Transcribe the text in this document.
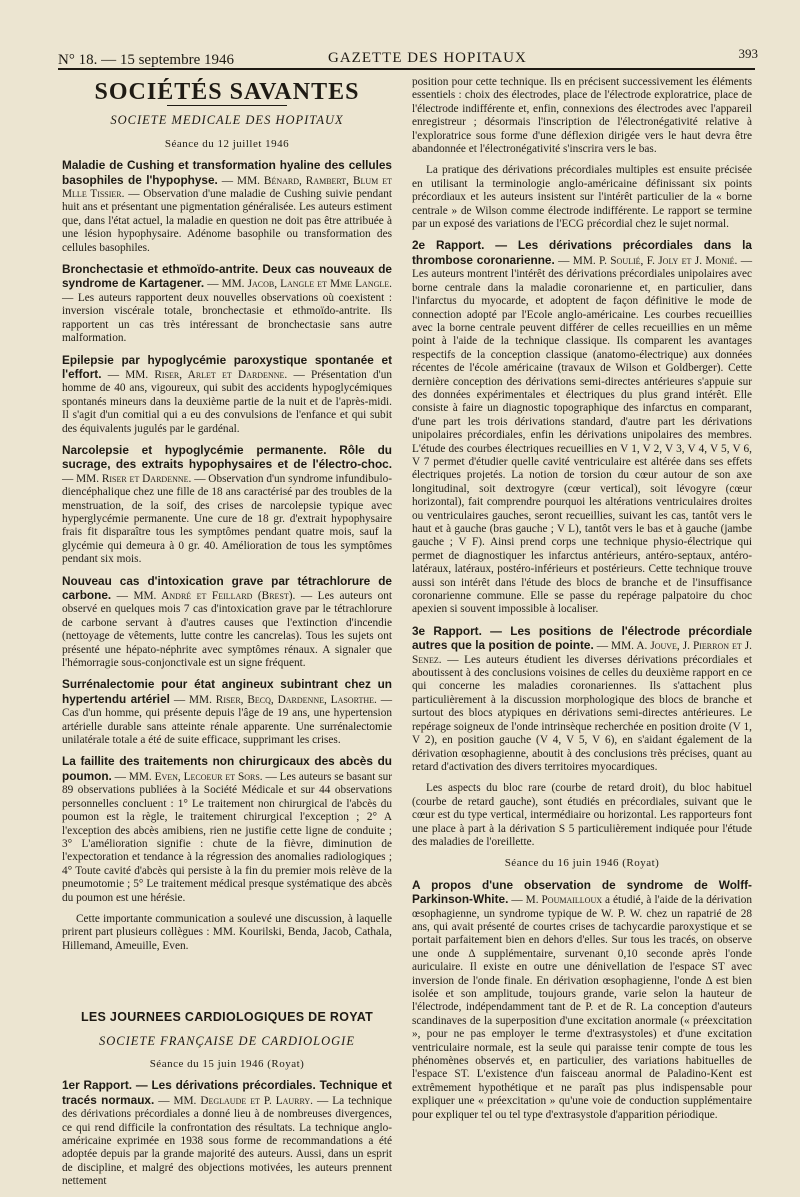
N° 18. — 15 septembre 1946	GAZETTE DES HOPITAUX	393
SOCIÉTÉS SAVANTES
SOCIETE MEDICALE DES HOPITAUX
Séance du 12 juillet 1946

Maladie de Cushing et transformation hyaline des cellules basophiles de l'hypophyse. — MM. Bénard, Rambert, Blum et Mlle Tissier. — Observation d'une maladie de Cushing suivie pendant huit ans et présentant une pigmentation généralisée. Les auteurs estiment que, dans l'état actuel, la maladie en question ne doit pas être attribuée à une lésion hypophysaire. Adénome basophile ou transformation des cellules basophiles.

Bronchectasie et ethmoïdo-antrite. Deux cas nouveaux de syndrome de Kartagener. — MM. Jacob, Langle et Mme Langle. — Les auteurs rapportent deux nouvelles observations où coexistent : inversion viscérale totale, bronchectasie et ethmoïdo-antrite. Ils rapportent un cas très intéressant de bronchectasie sans autre malformation.

Epilepsie par hypoglycémie paroxystique spontanée et l'effort. — MM. Riser, Arlet et Dardenne. — Présentation d'un homme de 40 ans, vigoureux, qui subit des accidents hypoglycémiques spontanés mineurs dans la deuxième partie de la nuit et de l'après-midi. Il s'agit d'un comitial qui a eu des convulsions de l'enfance et qui subit des équivalents jugulés par le gardénal.

Narcolepsie et hypoglycémie permanente. Rôle du sucrage, des extraits hypophysaires et de l'électro-choc. — MM. Riser et Dardenne. — Observation d'un syndrome infundibulo-diencéphalique chez une fille de 18 ans caractérisé par des troubles de la menstruation, de la soif, des crises de narcolepsie typique avec hyperglycémie permanente. Une cure de 18 gr. d'extrait hypophysaire frais fit disparaître tous les symptômes pendant quatre mois, sauf la glycémie qui demeura à 0 gr. 40. Amélioration de tous les symptômes pendant six mois.

Nouveau cas d'intoxication grave par tétrachlorure de carbone. — MM. André et Feillard (Brest). — Les auteurs ont observé en quelques mois 7 cas d'intoxication grave par le tétrachlorure de carbone servant à d'autres causes que l'extinction d'incendie (nettoyage de vêtements, lutte contre les cancrelas). Tous les sujets ont présenté une hépato-néphrite avec symptômes rénaux. A signaler que l'hémorragie sous-conjonctivale est un signe fréquent.

Surrénalectomie pour état angineux subintrant chez un hypertendu artériel — MM. Riser, Becq, Dardenne, Lasorthe. — Cas d'un homme, qui présente depuis l'âge de 19 ans, une hypertension artérielle durable sans atteinte rénale apparente. Une surrénalectomie unilatérale totale a été de suite efficace, supprimant les crises.

La faillite des traitements non chirurgicaux des abcès du poumon. — MM. Even, Lecoeur et Sors. — Les auteurs se basant sur 89 observations publiées à la Société Médicale et sur 44 observations personnelles concluent : 1° Le traitement non chirurgical de l'abcès du poumon est la règle, le traitement chirurgical l'exception ; 2° A l'exception des abcès amibiens, rien ne justifie cette ligne de conduite ; 3° L'amélioration signifie : chute de la fièvre, diminution de l'expectoration et tendance à la régression des anomalies radiologiques ; 4° Toute cavité d'abcès qui persiste à la fin du premier mois relève de la pneumotomie ; 5° Le traitement médical presque systématique des abcès du poumon est une hérésie.

Cette importante communication a soulevé une discussion, à laquelle prirent part plusieurs collègues : MM. Kourilski, Benda, Jacob, Cathala, Hillemand, Ameuille, Even.

LES JOURNEES CARDIOLOGIQUES DE ROYAT
SOCIETE FRANÇAISE DE CARDIOLOGIE
Séance du 15 juin 1946 (Royat)

1er Rapport. — Les dérivations précordiales. Technique et tracés normaux. — MM. Deglaude et P. Laurry. — La technique des dérivations précordiales a donné lieu à de nombreuses divergences, ce qui rend difficile la confrontation des résultats. La technique anglo-américaine exprimée en 1938 sous forme de recommandations a été adoptée depuis par la grande majorité des auteurs. Aussi, dans un esprit de discipline, et malgré des objections motivées, les auteurs prennent nettement

position pour cette technique. Ils en précisent successivement les éléments essentiels : choix des électrodes, place de l'électrode exploratrice, place de l'électrode indifférente et, enfin, connexions des électrodes avec l'appareil enregistreur ; désormais l'inscription de l'électronégativité relative à l'exploratrice sous forme d'une déflexion dirigée vers le haut devra être abandonnée et l'électronégativité s'inscrira vers le bas.

La pratique des dérivations précordiales multiples est ensuite précisée en utilisant la terminologie anglo-américaine définissant six points précordiaux et les auteurs insistent sur l'intérêt particulier de la « borne centrale » de Wilson comme électrode indifférente. Le rapport se termine par un exposé des variations de l'ECG précordial chez le sujet normal.

2e Rapport. — Les dérivations précordiales dans la thrombose coronarienne. — MM. P. Soulié, F. Joly et J. Monié. — Les auteurs montrent l'intérêt des dérivations précordiales unipolaires avec borne centrale dans la maladie coronarienne et, en particulier, dans l'infarctus du myocarde, et adoptent de façon définitive le mode de connection adopté par l'Ecole anglo-américaine. Les courbes recueillies avec la borne centrale peuvent différer de celles recueillies en un même point à l'aide de la technique classique. Ils comparent les avantages respectifs de la conception classique (anatomo-électrique) aux données récentes de l'école américaine (travaux de Wilson et Goldberger). Cette dernière conception des dérivations semi-directes antérieures s'appuie sur des données expérimentales et électriques du plus grand intérêt. Elle consiste à faire un diagnostic topographique des infarctus en comparant, d'une part les trois dérivations standard, d'autre part les dérivations unipolaires précordiales, enfin les dérivations unipolaires des membres. L'étude des courbes électriques recueillies en V 1, V 2, V 3, V 4, V 5, V 6, V 7 permet d'étudier quelle cavité ventriculaire est altérée dans ses effets électriques projetés. La notion de torsion du cœur autour de son axe longitudinal, soit dextrogyre (cœur vertical), soit lévogyre (cœur horizontal), fait comprendre pourquoi les altérations ventriculaires droites ou ventriculaires gauches, seront recueillies, suivant les cas, tantôt vers le haut et à gauche (bras gauche ; V L), tantôt vers le bas et à gauche (jambe gauche ; V F). Ainsi prend corps une technique physio-électrique qui permet de diagnostiquer les infarctus antérieurs, antéro-septaux, antéro-latéraux, latéraux, postéro-inférieurs et postérieurs. Cette technique trouve aussi son intérêt dans l'étude des blocs de branche et de l'insuffisance coronarienne commune. Elle se passe du repérage palpatoire du choc apexien si souvent impossible à localiser.

3e Rapport. — Les positions de l'électrode précordiale autres que la position de pointe. — MM. A. Jouve, J. Pierron et J. Senez. — Les auteurs étudient les diverses dérivations précordiales et aboutissent à des conclusions voisines de celles du deuxième rapport en ce qui concerne les maladies coronariennes. Ils s'attachent plus particulièrement à la discussion morphologique des blocs de branche et surtout des blocs atypiques en dérivations semi-directes antérieures. Le repérage soigneux de l'onde intrinsèque recherchée en position droite (V 1, V 2), en position gauche (V 4, V 5, V 6), en s'aidant également de la dérivation œsophagienne, aboutit à des conclusions très précises, quant au retard d'activation des divers territoires myocardiques.

Les aspects du bloc rare (courbe de retard droit), du bloc habituel (courbe de retard gauche), sont étudiés en précordiales, suivant que le cœur est du type vertical, intermédiaire ou horizontal. Les rapporteurs font une place à part à la dérivation S 5 particulièrement indiquée pour l'étude des maladies de l'oreillette.

Séance du 16 juin 1946 (Royat)

A propos d'une observation de syndrome de Wolff-Parkinson-White. — M. Poumailloux a étudié, à l'aide de la dérivation œsophagienne, un syndrome typique de W. P. W. chez un rapatrié de 28 ans, qui avait présenté de courtes crises de tachycardie paroxystique et se portait parfaitement bien en dehors d'elles. Sur tous les tracés, on observe une onde Δ supplémentaire, survenant 0,10 seconde après l'onde auriculaire. Il existe en outre une dénivellation de l'espace ST avec inversion de l'onde finale. En dérivation œsophagienne, l'onde Δ est bien isolée et son amplitude, toujours grande, varie selon la hauteur de l'électrode, indépendamment tant de P. et de R. La conception d'auteurs scandinaves de la superposition d'une excitation anormale (« préexcitation », pour ne pas employer le terme d'extrasystoles) et d'une excitation ventriculaire normale, est la seule qui paraisse tenir compte de tous les phénomènes observés et, en particulier, des variations habituelles de l'espace ST. L'existence d'un faisceau anormal de Paladino-Kent est extrêmement hypothétique et ne paraît pas plus indispensable pour expliquer une « préexcitation » qu'une voie de conduction supplémentaire pour expliquer tel ou tel type d'extrasystole d'apparition périodique.
